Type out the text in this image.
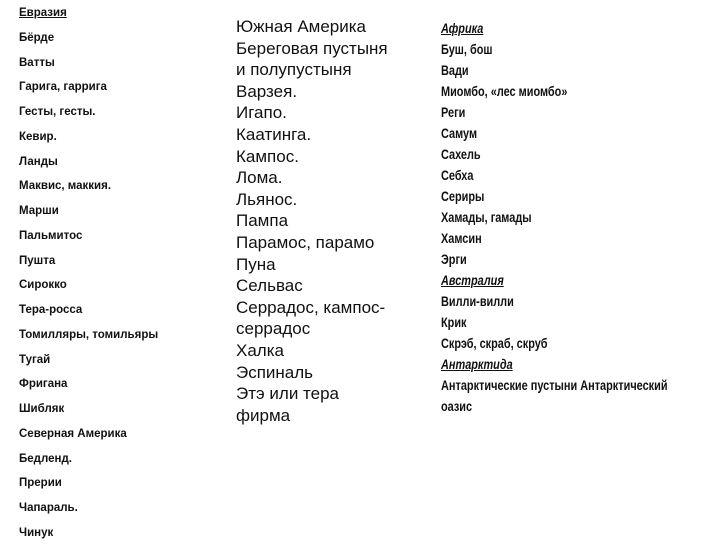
Евразия
Бёрде
Ватты
Гарига, гаррига
Гесты, гесты.
Кевир.
Ланды
Маквис, маккия.
Марши
Пальмитос
Пушта
Сирокко
Тера-росса
Томилляры, томильяры
Тугай
Фригана
Шибляк
Северная Америка
Бедленд.
Прерии
Чапараль.
Чинук
Южная Америка
Береговая пустыня
и полупустыня
Варзея.
Игапо.
Каатинга.
Кампос.
Лома.
Льянос.
Пампа
Парамос, парамо
Пуна
Сельвас
Серрадос, кампос-
серрадос
Халка
Эспиналь
Этэ или тера
фирма
Африка
Буш, бош
Вади
Миомбо, «лес миомбо»
Реги
Самум
Сахель
Себха
Сериры
Хамады, гамады
Хамсин
Эрги
Австралия
Вилли-вилли
Крик
Скрэб, скраб, скруб
Антарктида
Антарктические пустыни Антарктический
оазис
